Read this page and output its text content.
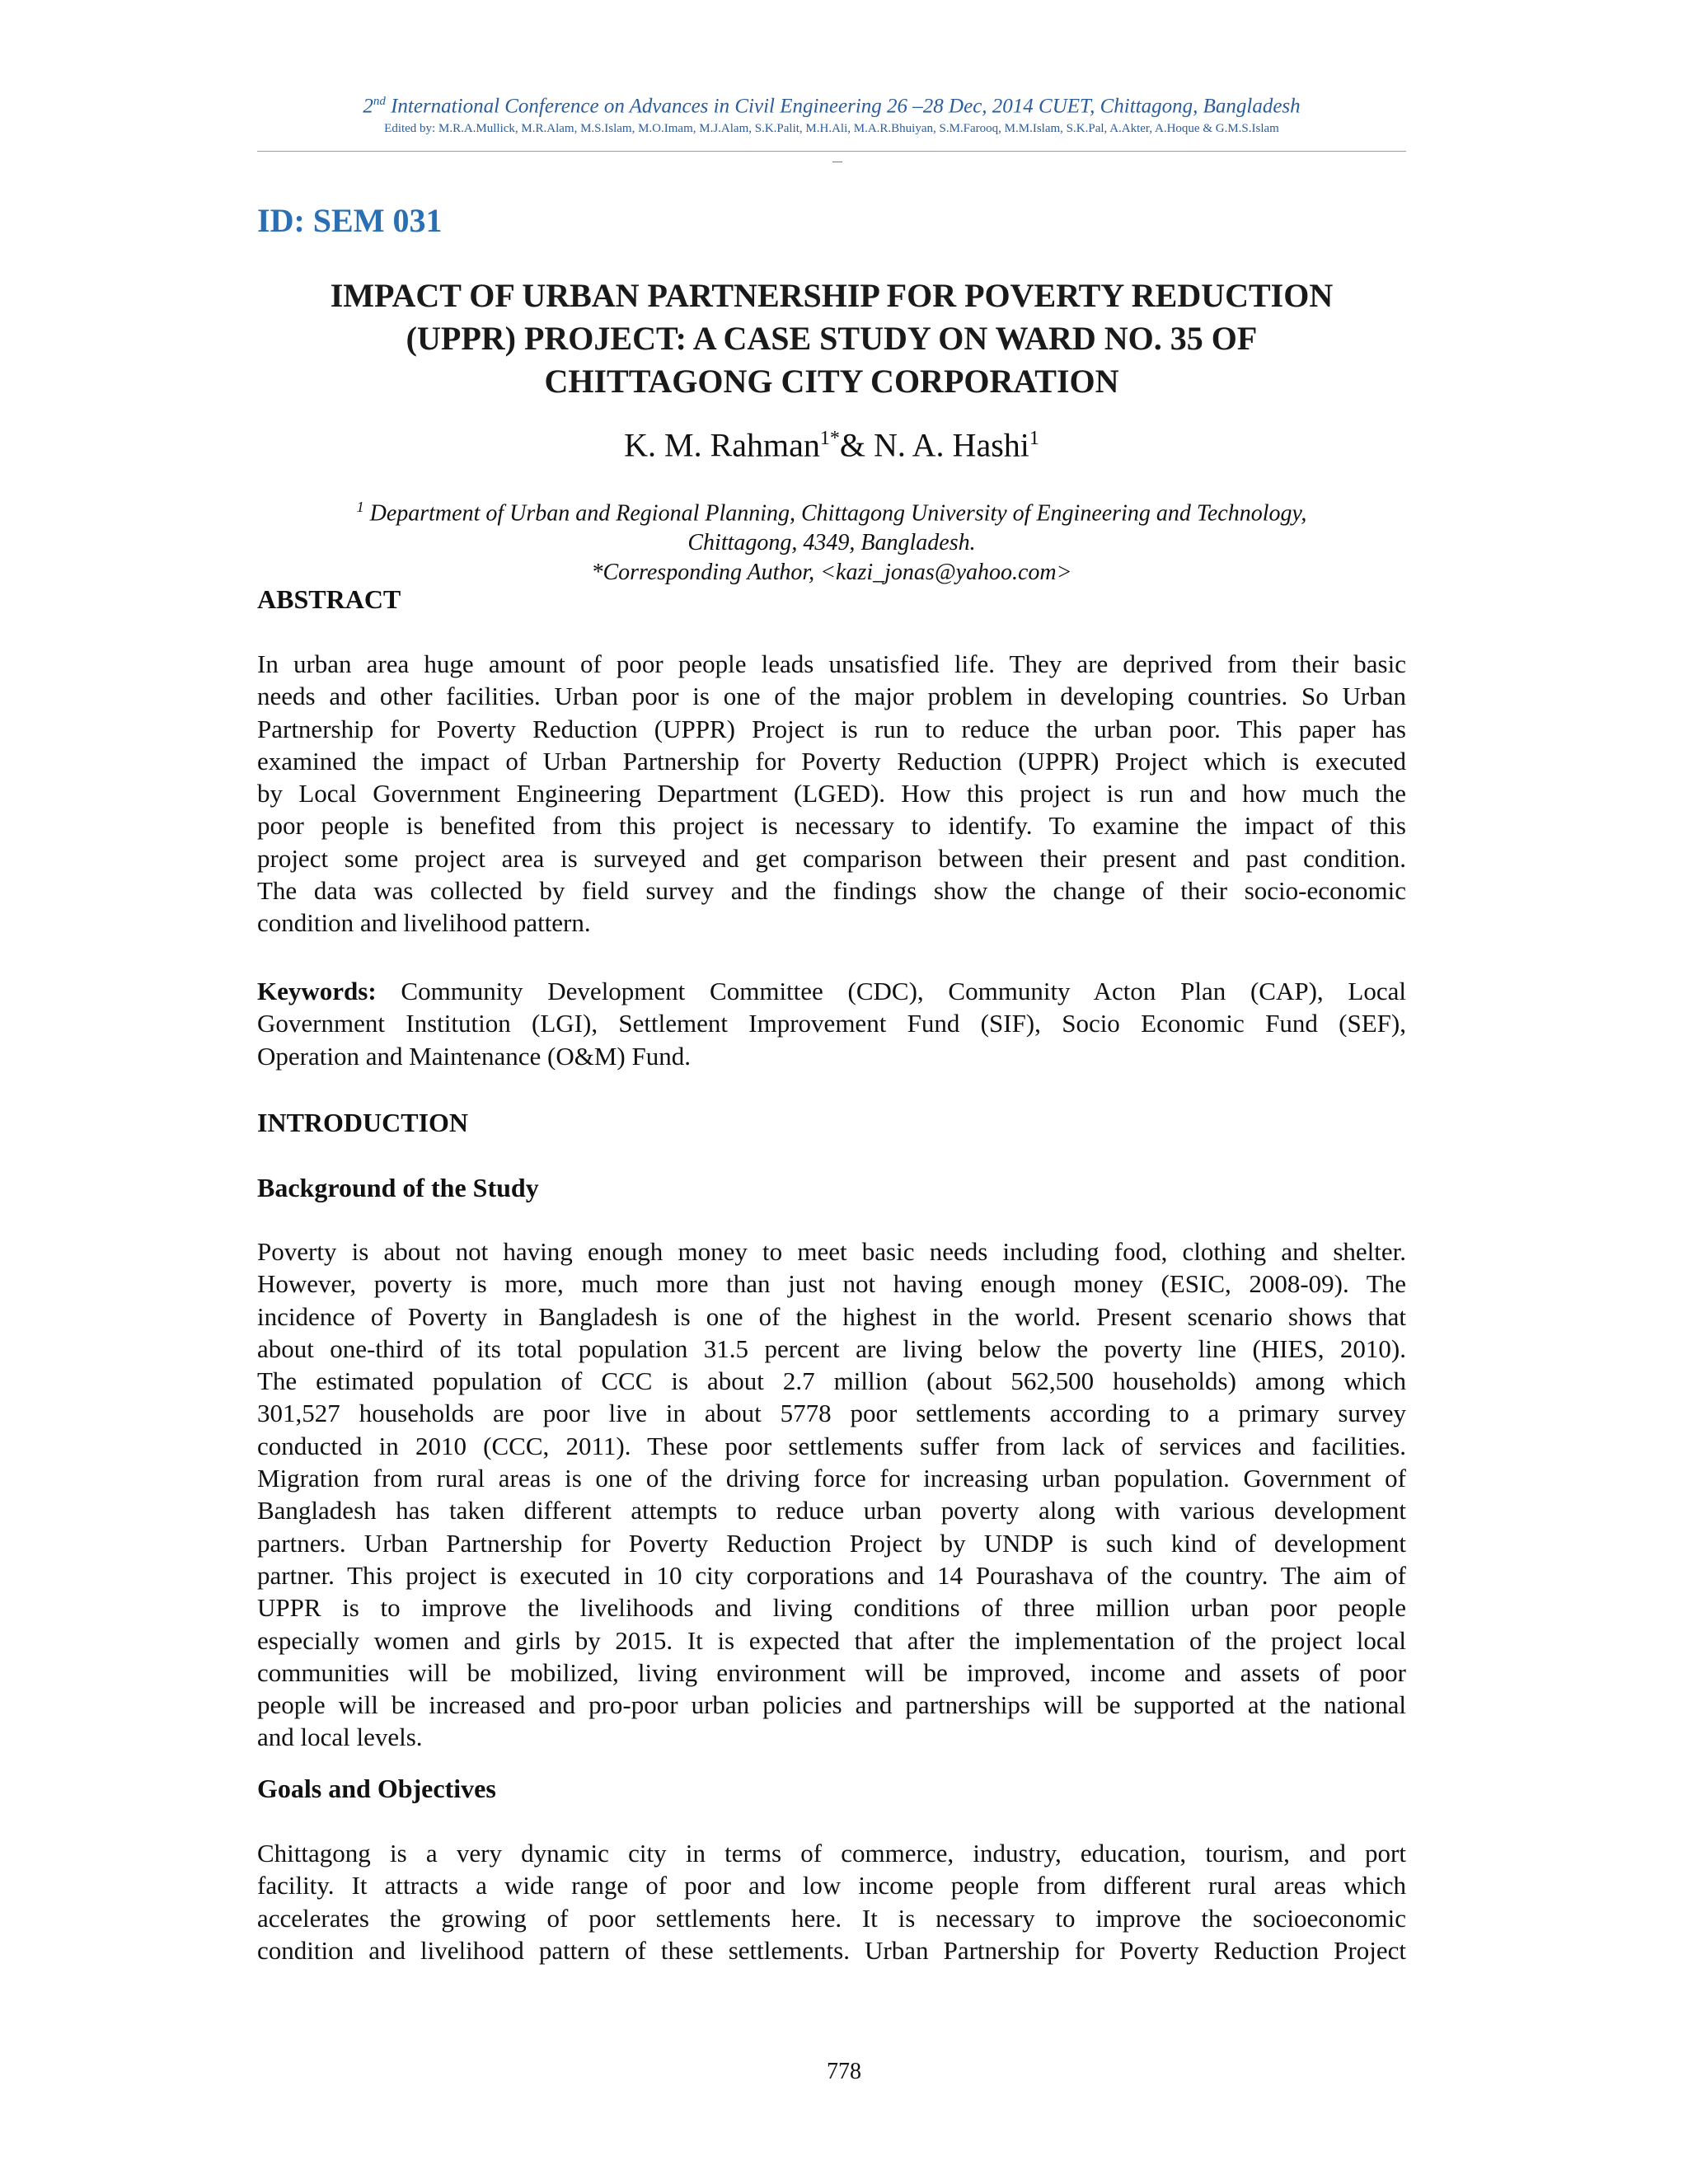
2nd International Conference on Advances in Civil Engineering 26 –28 Dec, 2014 CUET, Chittagong, Bangladesh
Edited by: M.R.A.Mullick, M.R.Alam, M.S.Islam, M.O.Imam, M.J.Alam, S.K.Palit, M.H.Ali, M.A.R.Bhuiyan, S.M.Farooq, M.M.Islam, S.K.Pal, A.Akter, A.Hoque & G.M.S.Islam
ID: SEM 031
IMPACT OF URBAN PARTNERSHIP FOR POVERTY REDUCTION
(UPPR) PROJECT: A CASE STUDY ON WARD NO. 35 OF
CHITTAGONG CITY CORPORATION
K. M. Rahman$^{1*}$& N. A. Hashi$^1$
$^1$ Department of Urban and Regional Planning, Chittagong University of Engineering and Technology,
Chittagong, 4349, Bangladesh.
*Corresponding Author, <kazi_jonas@yahoo.com>
ABSTRACT
In urban area huge amount of poor people leads unsatisfied life. They are deprived from their basic
needs and other facilities. Urban poor is one of the major problem in developing countries. So Urban
Partnership for Poverty Reduction (UPPR) Project is run to reduce the urban poor. This paper has
examined the impact of Urban Partnership for Poverty Reduction (UPPR) Project which is executed
by Local Government Engineering Department (LGED). How this project is run and how much the
poor people is benefited from this project is necessary to identify. To examine the impact of this
project some project area is surveyed and get comparison between their present and past condition.
The data was collected by field survey and the findings show the change of their socio-economic
condition and livelihood pattern.
Keywords: Community Development Committee (CDC), Community Acton Plan (CAP), Local
Government Institution (LGI), Settlement Improvement Fund (SIF), Socio Economic Fund (SEF),
Operation and Maintenance (O&M) Fund.
INTRODUCTION
Background of the Study
Poverty is about not having enough money to meet basic needs including food, clothing and shelter.
However, poverty is more, much more than just not having enough money (ESIC, 2008-09). The
incidence of Poverty in Bangladesh is one of the highest in the world. Present scenario shows that
about one-third of its total population 31.5 percent are living below the poverty line (HIES, 2010).
The estimated population of CCC is about 2.7 million (about 562,500 households) among which
301,527 households are poor live in about 5778 poor settlements according to a primary survey
conducted in 2010 (CCC, 2011). These poor settlements suffer from lack of services and facilities.
Migration from rural areas is one of the driving force for increasing urban population. Government of
Bangladesh has taken different attempts to reduce urban poverty along with various development
partners. Urban Partnership for Poverty Reduction Project by UNDP is such kind of development
partner. This project is executed in 10 city corporations and 14 Pourashava of the country. The aim of
UPPR is to improve the livelihoods and living conditions of three million urban poor people
especially women and girls by 2015. It is expected that after the implementation of the project local
communities will be mobilized, living environment will be improved, income and assets of poor
people will be increased and pro-poor urban policies and partnerships will be supported at the national
and local levels.
Goals and Objectives
Chittagong is a very dynamic city in terms of commerce, industry, education, tourism, and port
facility. It attracts a wide range of poor and low income people from different rural areas which
accelerates the growing of poor settlements here. It is necessary to improve the socioeconomic
condition and livelihood pattern of these settlements. Urban Partnership for Poverty Reduction Project
778
